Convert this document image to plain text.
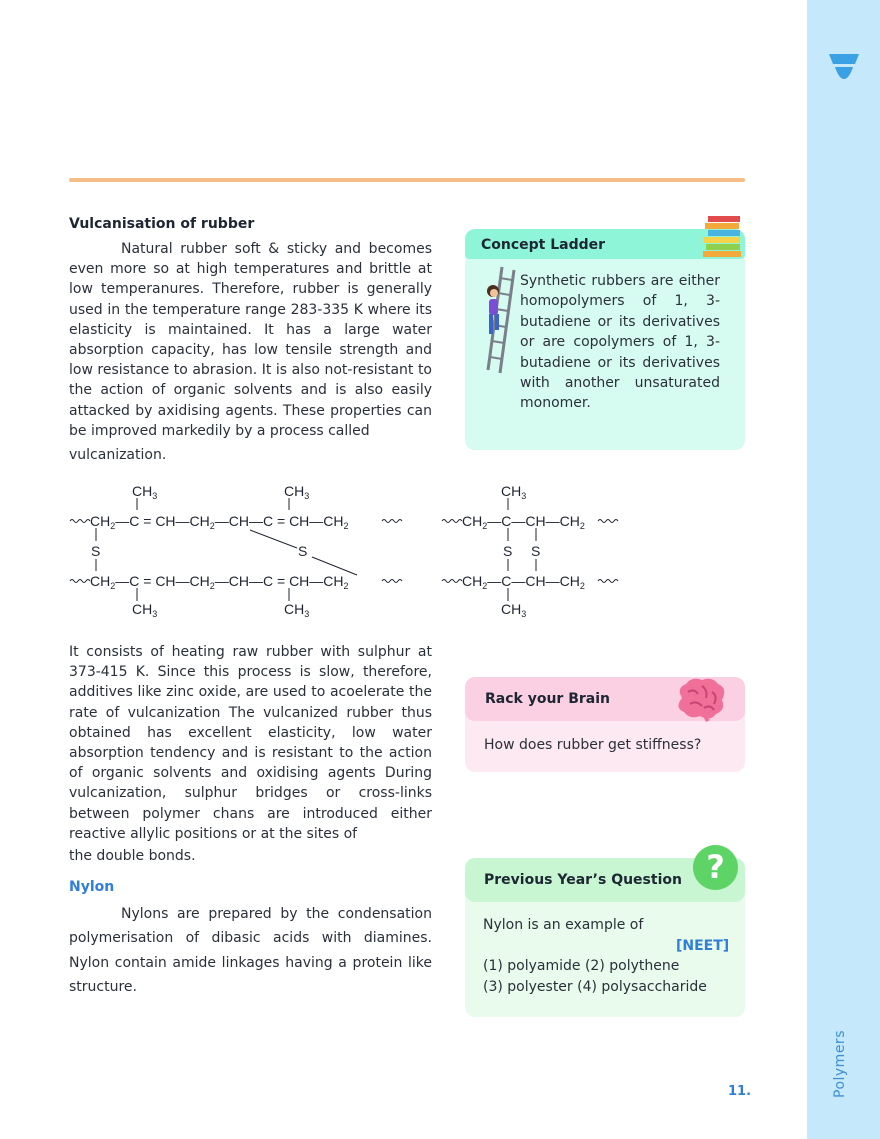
Polymers
Vulcanisation of rubber
Natural rubber soft & sticky and becomes even more so at high temperatures and brittle at low temperanures. Therefore, rubber is generally used in the temperature range 283-335 K where its elasticity is maintained. It has a large water absorption capacity, has low tensile strength and low resistance to abrasion. It is also not-resistant to the action of organic solvents and is also easily attacked by axidising agents. These properties can be improved markedily by a process called
vulcanization.
$CH_3$	$CH_3$
$CH_2—C$ = $CH—CH_2—CH—C$ = $CH—CH_2$
S	S
$CH_2—C$ = $CH—CH_2—CH—C$ = $CH—CH_2$
$CH_3$	$CH_3$
$CH_3$
$CH_2—C—CH—CH_2$
S S
$CH_2—C—CH—CH_2$
$CH_3$
It consists of heating raw rubber with sulphur at 373-415 K. Since this process is slow, therefore, additives like zinc oxide, are used to acoelerate the rate of vulcanization The vulcanized rubber thus obtained has excellent elasticity, low water absorption tendency and is resistant to the action of organic solvents and oxidising agents During vulcanization, sulphur bridges or cross-links between polymer chans are introduced either reactive allylic positions or at the sites of
the double bonds.
Nylon
Nylons are prepared by the condensation polymerisation of dibasic acids with diamines. Nylon contain amide linkages having a protein like structure.
Concept Ladder
Synthetic rubbers are either homopolymers of 1, 3-butadiene or its derivatives or are copolymers of 1, 3-butadiene or its derivatives with another unsaturated monomer.
Rack your Brain
How does rubber get stiffness?
Previous Year’s Question ?
Nylon is an example of
[NEET]
(1) polyamide (2) polythene
(3) polyester (4) polysaccharide
11.
